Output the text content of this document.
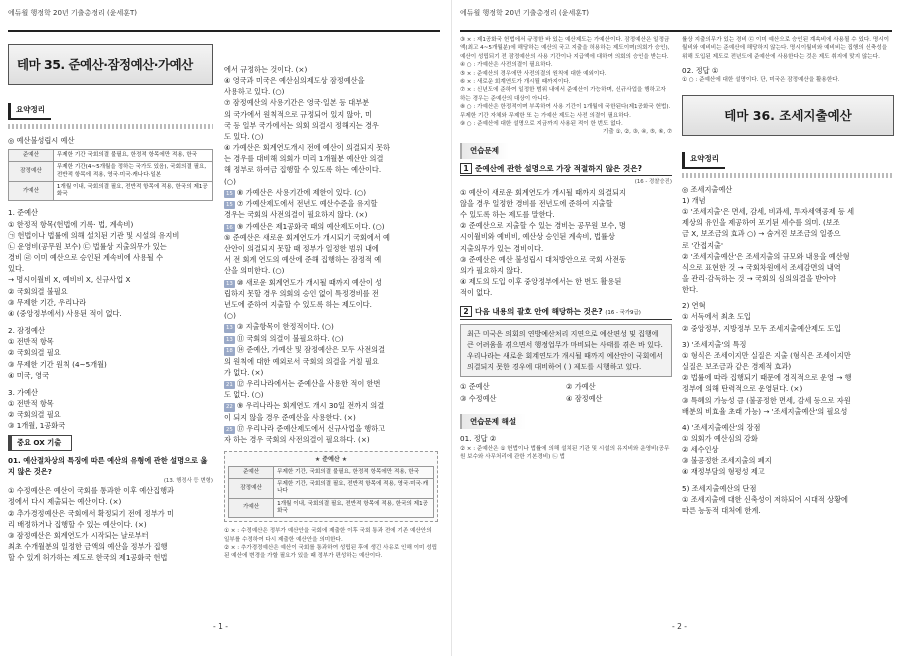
에듀윌 행정학 20년 기출총정리 (윤세훈T)
테마 35. 준예산·잠정예산·가예산
요약정리
◎ 예산불성립시 예산
준예산	무제한 기간 국회의결 불필요, 한정적 항목에만 적용, 한국
잠정예산	무제한 기간(4~5개월을 정하는 국가도 있음), 국회의결 필요, 전반적 항목에 적용, 영국·미국·캐나다·일본
가예산	1개월 이내, 국회의결 필요, 전반적 항목에 적용, 한국의 제1공화국
1. 준예산
① 한정적 항목(헌법에 기록· 법, 계속비)
㉠ 헌법이나 법률에 의해 설치된 기관 및 시설의 유지비
㉡ 운영비(공무원 보수) ㉢ 법률상 지출의무가 있는
경비 ㉣ 이미 예산으로 승인된 계속비에 사용될 수
있다.
→ 명시이월비 X, 예비비 X, 신규사업 X
② 국회의결 불필요
③ 무제한 기간, 우리나라
④ (중앙정부에서) 사용된 적이 없다.
2. 잠정예산
① 전반적 항목
② 국회의결 필요
③ 무제한 기간 원칙 (4~5개월)
④ 미국, 영국
3. 가예산
① 전반적 항목
② 국회의결 필요
③ 1개월, 1공화국
중요 OX 기출
01. 예산절차상의 특징에 따른 예산의 유형에 관한 설명으로 옳지 않은 것은?
(13. 행정사 등 변형)
① 수정예산은 예산이 국회를 통과한 이후 예산집행과
정에서 다시 제출되는 예산이다. (×)
② 추가경정예산은 국회에서 확정되기 전에 정부가 미
리 배정하거나 집행할 수 있는 예산이다. (×)
③ 잠정예산은 회계연도가 시작되는 날로부터
최초 수개월분의 일정한 금액의 예산을 정부가 집행
할 수 있게 허가하는 제도로 한국의 제1공화국 헌법
에서 규정하는 것이다. (×)
④ 영국과 미국은 예산심의제도상 잠정예산을
사용하고 있다. (○)
⑦ 잠정예산의 사용기간은 영국·일본 등 대부분
의 국가에서 원칙적으로 규정되어 있지 않아, 미
국 등 일부 국가에서는 의회 의결시 정해지는 경우
도 있다. (○)
④ 가예산은 회계연도개시 전에 예산이 의결되지 못하
는 경우를 대비해 의회가 미리 1개월분 예산안 의결
해 정부로 하여금 집행할 수 있도록 하는 예산이다.
(○)
15 ⑧ 가예산은 사용기간에 제한이 있다. (○)
15 ⑦ 가예산제도에서 전년도 예산수준을 유지할
경우는 국회의 사전의결이 필요하지 않다. (×)
16 ⑨ 가예산은 제1공화국 때의 예산제도이다. (○)
⑤ 준예산은 새로운 회계연도가 개시되기 국회에서 예
산안이 의결되지 못할 때 정부가 일정한 범위 내에
서 전 회계 연도의 예산에 준해 집행하는 잠정적 예
산을 의미한다. (○)
13 ⑩ 새로운 회계연도가 개시될 때까지 예산이 성
립하지 못할 경우 의회의 승인 없이 특정경비를 전
년도에 준하여 지출할 수 있도록 하는 제도이다.
(○)
13 ③ 지출항목이 한정적이다. (○)
13 ⑪ 국회의 의결이 불필요하다. (○)
18 ⑭ 준예산, 가예산 및 잠정예산은 모두 사전의결
의 원칙에 대한 예외로서 국회의 의결을 거칠 필요
가 없다. (×)
21 ⑫ 우리나라에서는 준예산을 사용한 적이 한번
도 없다. (○)
22 ⑨ 우리나라는 회계연도 개시 30일 전까지 의결
이 되지 않을 경우 준예산을 사용한다. (×)
25 ⑰ 우리나라 준예산제도에서 신규사업을 행하고
자 하는 경우 국회의 사전의결이 필요하다. (×)
★ 준예산 ★
준예산	무제한 기간, 국회의결 불필요, 한정적 항목에만 적용, 한국
잠정예산	무제한 기간, 국회의결 필요, 전반적 항목에 적용, 영국·미국·캐나다
가예산	1개월 이내, 국회의결 필요, 전반적 항목에 적용, 한국의 제1공화국
① × : 수정예산은 정부가 예산안을 국회에 제출한 이후 국회 통과 전에 기존 예산안의 일부를 수정하여 다시 제출한 예산안을 의미한다.
② × : 추가경정예산은 예산이 국회를 통과하여 성립된 후에 생긴 사유로 인해 이미 성립된 예산에 변경을 가할 필요가 있을 때 정부가 편성하는 예산이다.
- 1 -
에듀윌 행정학 20년 기출총정리 (윤세훈T)
③ × : 제1공화국 헌법에서 규정한 바 있는 예산제도는 가예산이다. 잠정예산은 일정금액(최고 4~5개월분)에 해당하는 예산의 국고 지출을 허용하는 제도이며(의회가 승인), 예산이 성립되기 전 잠정예산의 사용 기간이나 지급액에 대하여 의회의 승인을 받는다.
④ ○ : 가예산은 사전의결이 필요하다.
⑤ × : 준예산의 경우에만 사전의결의 원칙에 대한 예외이다.
⑥ × : 새로운 회계연도가 개시될 때까지이다.
⑦ × : 신년도에 준하여 일정한 범위 내에서 준예산이 가능하며, 신규사업을 행하고자 하는 경우는 준예산의 대상이 아니다.
⑧ ○ : 가예산은 한정적이며 부족하여 사용 기간이 1개월에 국한된다(제1공화국 헌법). 무제한 기간 자체와 무제한 또 는 가예산 제도는 사전 의결이 필요하다.
⑨ ○ : 준예산에 대한 설명으로 지금까지 사용된 적이 한 번도 없다.
기출 ①, ②, ③, ④, ⑤, ⑥, ⑦
연습문제
1 준예산에 관한 설명으로 가장 적절하지 않은 것은?
(16 - 경찰승진)
① 예산이 새로운 회계연도가 개시될 때까지 의결되지
않을 경우 일정한 경비를 전년도에 준하여 지출할
수 있도록 하는 제도를 말한다.
② 준예산으로 지출할 수 있는 경비는 공무원 보수, 명
시이월비와 예비비, 예산상 승인된 계속비, 법률상
지출의무가 있는 경비이다.
③ 준예산은 예산 불성립시 대처방안으로 국회 사전동
의가 필요하지 않다.
④ 제도의 도입 이후 중앙정부에서는 한 번도 활용된
적이 없다.
2 다음 내용의 괄호 안에 해당하는 것은? (16 - 국가9급)
최근 미국은 의회의 연방예산처리 지연으로 예산편성 및 집행에 큰 어려움을 겪으면서 행정업무가 마비되는 사태를 겪은 바 있다. 우리나라는 새로운 회계연도가 개시될 때까지 예산안이 국회에서 의결되지 못한 경우에 대비하여 ( ) 제도를 시행하고 있다.
① 준예산	② 가예산
③ 수정예산	④ 잠정예산
연습문제 해설
01. 정답 ②
② × : 준예산은 ① 헌법이나 법률에 의해 설치된 기관 및 시설의 유지비와 운영비(공무원 보수와 사무처리에 관한 기본경비) ㉡ 법
률상 지출의무가 있는 경비 ㉢ 이미 예산으로 승인된 계속비에 사용될 수 있다. 명시이월비와 예비비는 준예산에 해당하지 않는다. 명시이월비와 예비비는 집행의 신축성을 위해 도입된 제도로 전년도에 준예산에 사용한다는 것은 제도 취지에 맞지 않는다.
02. 정답 ①
① ○ : 준예산에 대한 설명이다. 단, 미국은 잠정예산을 활용한다.
테마 36. 조세지출예산
요약정리
◎ 조세지출예산
1) 개념
① '조세지출'은 면세, 감세, 비과세, 투자세액공제 등 세
제상의 유인을 제공하여 포기된 세수를 의미. (보조
금 X, 보조금의 효과 ○) → 숨겨진 보조금의 일종으
로 '간접지출'
② '조세지출예산'은 조세지출의 규모와 내용을 예산형
식으로 표현한 것 → 국회차원에서 조세감면의 내역
을 관리·감독하는 것 → 국회의 심의의결을 받아야
한다.
2) 연혁
① 서독에서 최초 도입
② 중앙정부, 지방정부 모두 조세지출예산제도 도입
3) '조세지출'의 특징
① 형식은 조세이지만 실질은 지출 (형식은 조세이지만
실질은 보조금과 같은 경제적 효과)
② 법률에 따라 집행되기 때문에 경직적으로 운영 → 행
정부에 의해 탄력적으로 운영된다. (×)
③ 특혜의 가능성 큼 (불공정한 면세, 감세 등으로 자원
배분의 비효율 초래 가능) → '조세지출예산'의 필요성
4) '조세지출예산'의 장점
① 의회가 예산심의 강화
② 세수인상
③ 불공정한 조세지출의 폐지
④ 재정부담의 형평성 제고
5) 조세지출예산의 단점
① 조세지출에 대한 신축성이 저하되어 시대적 상황에
따른 능동적 대처에 한계.
- 2 -
